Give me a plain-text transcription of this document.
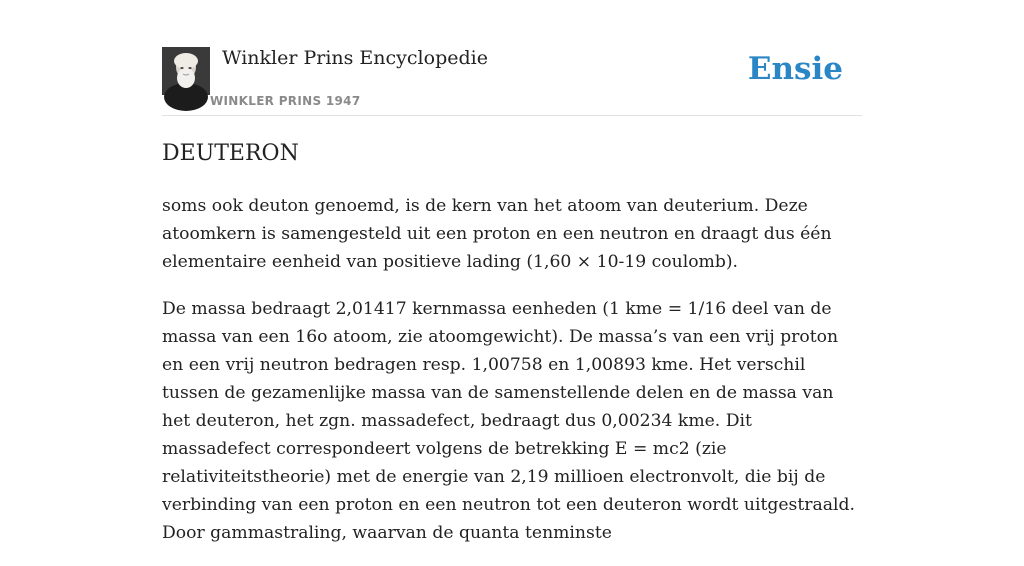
Winkler Prins Encyclopedie
WINKLER PRINS 1947
Ensie
DEUTERON

soms ook deuton genoemd, is de kern van het atoom van deuterium. Deze atoomkern is samengesteld uit een proton en een neutron en draagt dus één elementaire eenheid van positieve lading (1,60 × 10-19 coulomb).

De massa bedraagt 2,01417 kernmassa eenheden (1 kme = 1/16 deel van de massa van een 16o atoom, zie atoomgewicht). De massa’s van een vrij proton en een vrij neutron bedragen resp. 1,00758 en 1,00893 kme. Het verschil tussen de gezamenlijke massa van de samenstellende delen en de massa van het deuteron, het zgn. massadefect, bedraagt dus 0,00234 kme. Dit massadefect correspondeert volgens de betrekking E = mc2 (zie relativiteitstheorie) met de energie van 2,19 millioen electronvolt, die bij de verbinding van een proton en een neutron tot een deuteron wordt uitgestraald. Door gammastraling, waarvan de quanta tenminste
